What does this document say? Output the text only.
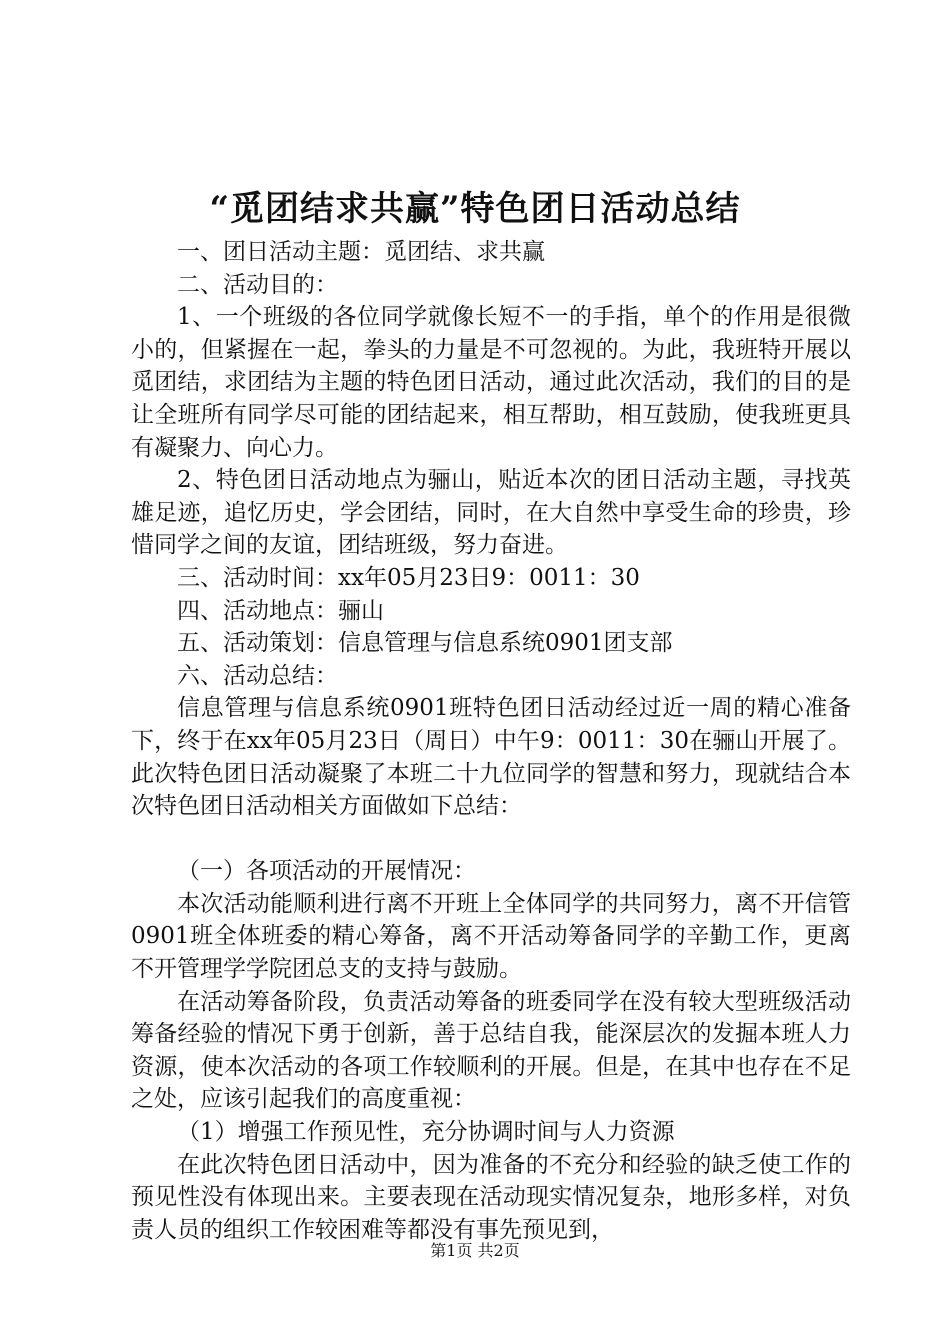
“觅团结求共赢”特色团日活动总结

一、团日活动主题：觅团结、求共赢

二、活动目的：

1、一个班级的各位同学就像长短不一的手指，单个的作用是很微小的，但紧握在一起，拳头的力量是不可忽视的。为此，我班特开展以觅团结，求团结为主题的特色团日活动，通过此次活动，我们的目的是让全班所有同学尽可能的团结起来，相互帮助，相互鼓励，使我班更具有凝聚力、向心力。

2、特色团日活动地点为骊山，贴近本次的团日活动主题，寻找英雄足迹，追忆历史，学会团结，同时，在大自然中享受生命的珍贵，珍惜同学之间的友谊，团结班级，努力奋进。

三、活动时间：xx年05月23日9：0011：30

四、活动地点：骊山

五、活动策划：信息管理与信息系统0901团支部

六、活动总结：

信息管理与信息系统0901班特色团日活动经过近一周的精心准备下，终于在xx年05月23日（周日）中午9：0011：30在骊山开展了。此次特色团日活动凝聚了本班二十九位同学的智慧和努力，现就结合本次特色团日活动相关方面做如下总结：

（一）各项活动的开展情况：

本次活动能顺利进行离不开班上全体同学的共同努力，离不开信管0901班全体班委的精心筹备，离不开活动筹备同学的辛勤工作，更离不开管理学学院团总支的支持与鼓励。

在活动筹备阶段，负责活动筹备的班委同学在没有较大型班级活动筹备经验的情况下勇于创新，善于总结自我，能深层次的发掘本班人力资源，使本次活动的各项工作较顺利的开展。但是，在其中也存在不足之处，应该引起我们的高度重视：

（1）增强工作预见性，充分协调时间与人力资源

在此次特色团日活动中，因为准备的不充分和经验的缺乏使工作的预见性没有体现出来。主要表现在活动现实情况复杂，地形多样，对负责人员的组织工作较困难等都没有事先预见到，

第1页 共2页
